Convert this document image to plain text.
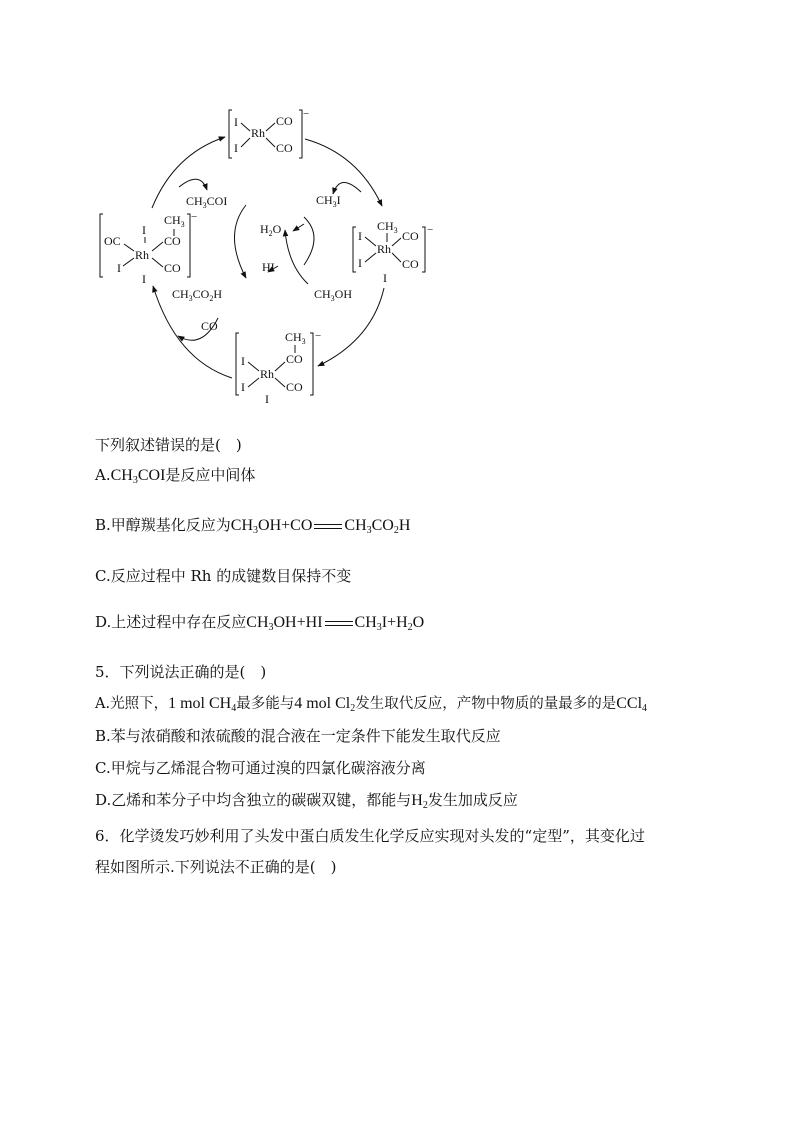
I
I
Rh
CO
CO
−
$CH_3$	−
I	CO
Rh
I	CO
I
$CH_3$ −
CO
I
Rh
I	CO
I
$CH_3$
−
I
CO
OC
Rh
I	CO
I
$CH_3COI$	$CH_3I$
$H_2O$
HI
$CH_3CO_2H$	$CH_3OH$
CO
下列叙述错误的是(　)
$A.CH_3COI$是反应中间体
B.甲醇羰基化反应为$CH_3OH+CO$ $CH_3CO_2H$
C.反应过程中 Rh 的成键数目保持不变
D.上述过程中存在反应$CH_3OH+HI$ $CH_3I+H_2O$
5．下列说法正确的是(　)
A.光照下，1 mol $CH_4$最多能与4 mol $Cl_2$发生取代反应，产物中物质的量最多的是CCl$_4$
B.苯与浓硝酸和浓硫酸的混合液在一定条件下能发生取代反应
C.甲烷与乙烯混合物可通过溴的四氯化碳溶液分离
D.乙烯和苯分子中均含独立的碳碳双键，都能与$H_2$发生加成反应
6．化学烫发巧妙利用了头发中蛋白质发生化学反应实现对头发的“定型”，其变化过
程如图所示.下列说法不正确的是(　)
